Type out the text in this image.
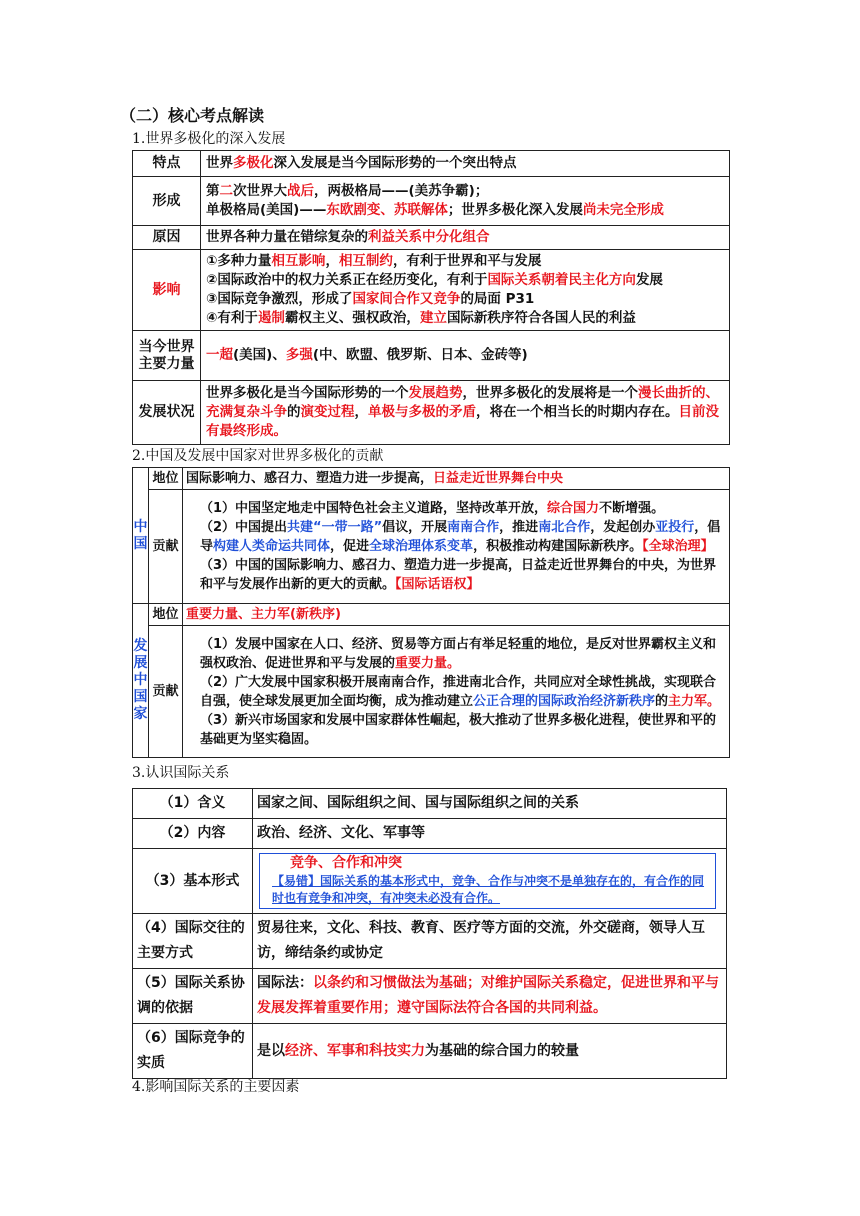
（二）核心考点解读
1.世界多极化的深入发展
特点	世界多极化深入发展是当今国际形势的一个突出特点
形成	第二次世界大战后，两极格局——(美苏争霸)；
单极格局(美国)——东欧剧变、苏联解体；世界多极化深入发展尚未完全形成
原因	世界各种力量在错综复杂的利益关系中分化组合
影响	①多种力量相互影响，相互制约，有利于世界和平与发展
②国际政治中的权力关系正在经历变化，有利于国际关系朝着民主化方向发展
③国际竞争激烈，形成了国家间合作又竞争的局面 P31
④有利于遏制霸权主义、强权政治，建立国际新秩序符合各国人民的利益
当今世界主要力量	一超(美国)、多强(中、欧盟、俄罗斯、日本、金砖等)
发展状况	世界多极化是当今国际形势的一个发展趋势，世界多极化的发展将是一个漫长曲折的、充满复杂斗争的演变过程，单极与多极的矛盾，将在一个相当长的时期内存在。目前没有最终形成。
2.中国及发展中国家对世界多极化的贡献
中国	地位	国际影响力、感召力、塑造力进一步提高，日益走近世界舞台中央
	贡献	（1）中国坚定地走中国特色社会主义道路，坚持改革开放，综合国力不断增强。
（2）中国提出共建“一带一路”倡议，开展南南合作，推进南北合作，发起创办亚投行，倡导构建人类命运共同体，促进全球治理体系变革，积极推动构建国际新秩序。【全球治理】
（3）中国的国际影响力、感召力、塑造力进一步提高，日益走近世界舞台的中央，为世界和平与发展作出新的更大的贡献。【国际话语权】

发展中国家	地位	重要力量、主力军(新秩序)
	贡献	（1）发展中国家在人口、经济、贸易等方面占有举足轻重的地位，是反对世界霸权主义和强权政治、促进世界和平与发展的重要力量。
（2）广大发展中国家积极开展南南合作，推进南北合作，共同应对全球性挑战，实现联合自强，使全球发展更加全面均衡，成为推动建立公正合理的国际政治经济新秩序的主力军。
（3）新兴市场国家和发展中国家群体性崛起，极大推动了世界多极化进程，使世界和平的基础更为坚实稳固。
3.认识国际关系
（1）含义	国家之间、国际组织之间、国与国际组织之间的关系
（2）内容	政治、经济、文化、军事等
（3）基本形式	竞争、合作和冲突
【易错】国际关系的基本形式中，竞争、合作与冲突不是单独存在的，有合作的同时也有竞争和冲突，有冲突未必没有合作。

（4）国际交往的主要方式	贸易往来，文化、科技、教育、医疗等方面的交流，外交磋商，领导人互访，缔结条约或协定
（5）国际关系协调的依据	国际法：以条约和习惯做法为基础；对维护国际关系稳定，促进世界和平与发展发挥着重要作用；遵守国际法符合各国的共同利益。
（6）国际竞争的实质	是以经济、军事和科技实力为基础的综合国力的较量
4.影响国际关系的主要因素
